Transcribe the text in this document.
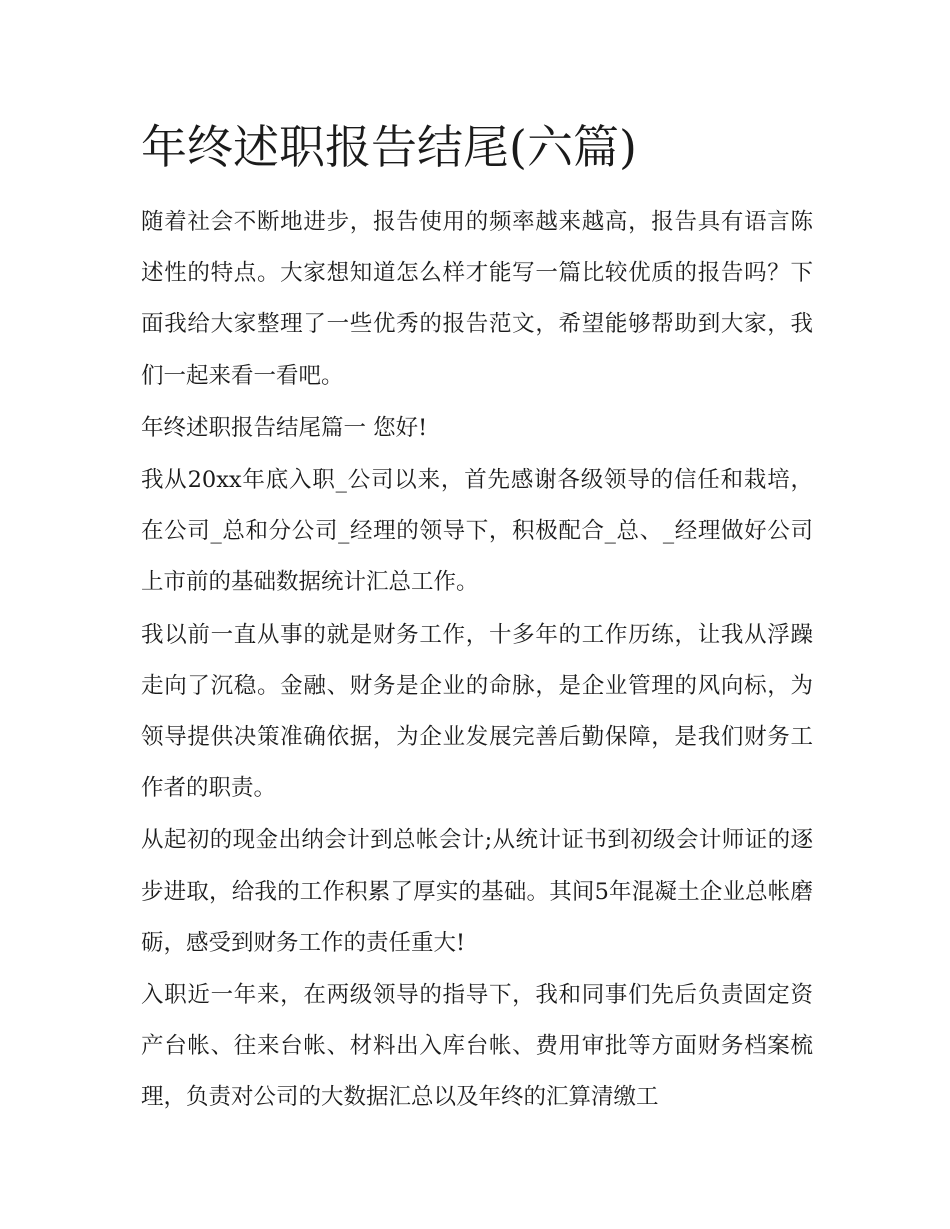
年终述职报告结尾(六篇)

随着社会不断地进步，报告使用的频率越来越高，报告具有语言陈述性的特点。大家想知道怎么样才能写一篇比较优质的报告吗？下面我给大家整理了一些优秀的报告范文，希望能够帮助到大家，我们一起来看一看吧。

年终述职报告结尾篇一 您好!

我从20xx年底入职_公司以来，首先感谢各级领导的信任和栽培，在公司_总和分公司_经理的领导下，积极配合_总、_经理做好公司上市前的基础数据统计汇总工作。

我以前一直从事的就是财务工作，十多年的工作历练，让我从浮躁走向了沉稳。金融、财务是企业的命脉，是企业管理的风向标，为领导提供决策准确依据，为企业发展完善后勤保障，是我们财务工作者的职责。

从起初的现金出纳会计到总帐会计;从统计证书到初级会计师证的逐步进取，给我的工作积累了厚实的基础。其间5年混凝土企业总帐磨砺，感受到财务工作的责任重大!

入职近一年来，在两级领导的指导下，我和同事们先后负责固定资产台帐、往来台帐、材料出入库台帐、费用审批等方面财务档案梳理，负责对公司的大数据汇总以及年终的汇算清缴工
